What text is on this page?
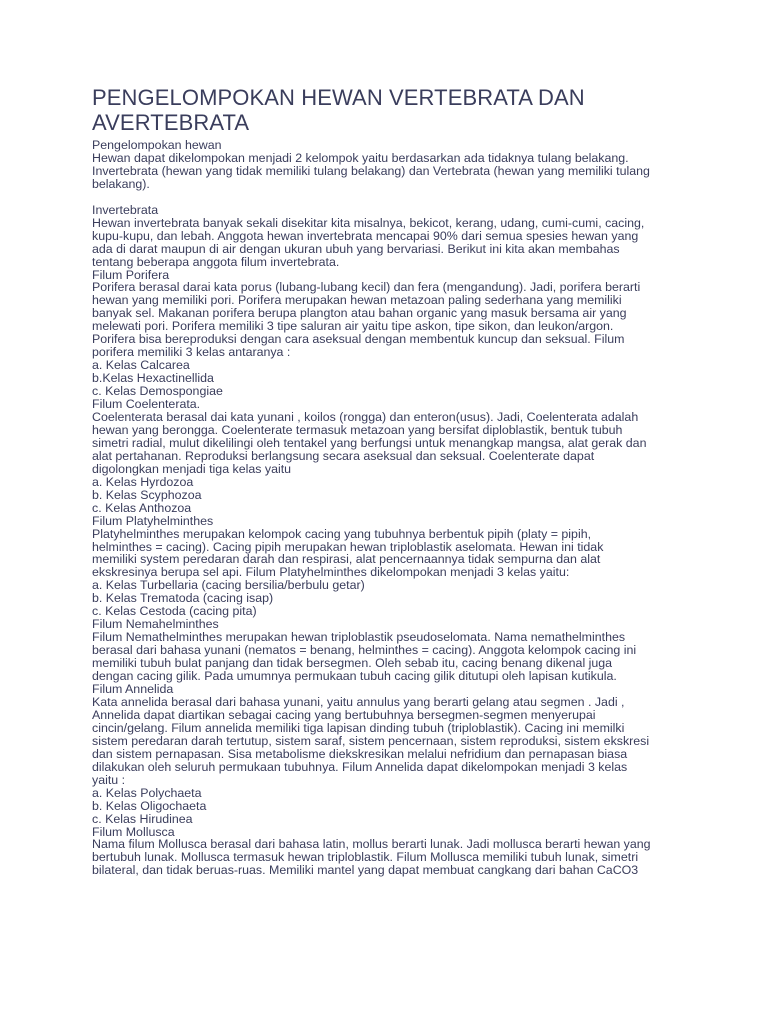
PENGELOMPOKAN HEWAN VERTEBRATA DAN
AVERTEBRATA
Pengelompokan hewan
Hewan dapat dikelompokan menjadi 2 kelompok yaitu berdasarkan ada tidaknya tulang belakang.
Invertebrata (hewan yang tidak memiliki tulang belakang) dan Vertebrata (hewan yang memiliki tulang
belakang).
Invertebrata
Hewan invertebrata banyak sekali disekitar kita misalnya, bekicot, kerang, udang, cumi-cumi, cacing,
kupu-kupu, dan lebah. Anggota hewan invertebrata mencapai 90% dari semua spesies hewan yang
ada di darat maupun di air dengan ukuran ubuh yang bervariasi. Berikut ini kita akan membahas
tentang beberapa anggota filum invertebrata.
Filum Porifera
Porifera berasal darai kata porus (lubang-lubang kecil) dan fera (mengandung). Jadi, porifera berarti
hewan yang memiliki pori. Porifera merupakan hewan metazoan paling sederhana yang memiliki
banyak sel. Makanan porifera berupa plangton atau bahan organic yang masuk bersama air yang
melewati pori. Porifera memiliki 3 tipe saluran air yaitu tipe askon, tipe sikon, dan leukon/argon.
Porifera bisa bereproduksi dengan cara aseksual dengan membentuk kuncup dan seksual. Filum
porifera memiliki 3 kelas antaranya :
a. Kelas Calcarea
b.Kelas Hexactinellida
c. Kelas Demospongiae
Filum Coelenterata.
Coelenterata berasal dai kata yunani , koilos (rongga) dan enteron(usus). Jadi, Coelenterata adalah
hewan yang berongga. Coelenterate termasuk metazoan yang bersifat diploblastik, bentuk tubuh
simetri radial, mulut dikelilingi oleh tentakel yang berfungsi untuk menangkap mangsa, alat gerak dan
alat pertahanan. Reproduksi berlangsung secara aseksual dan seksual. Coelenterate dapat
digolongkan menjadi tiga kelas yaitu
a. Kelas Hyrdozoa
b. Kelas Scyphozoa
c. Kelas Anthozoa
Filum Platyhelminthes
Platyhelminthes merupakan kelompok cacing yang tubuhnya berbentuk pipih (platy = pipih,
helminthes = cacing). Cacing pipih merupakan hewan triploblastik aselomata. Hewan ini tidak
memiliki system peredaran darah dan respirasi, alat pencernaannya tidak sempurna dan alat
ekskresinya berupa sel api. Filum Platyhelminthes dikelompokan menjadi 3 kelas yaitu:
a. Kelas Turbellaria (cacing bersilia/berbulu getar)
b. Kelas Trematoda (cacing isap)
c. Kelas Cestoda (cacing pita)
Filum Nemahelminthes
Filum Nemathelminthes merupakan hewan triploblastik pseudoselomata. Nama nemathelminthes
berasal dari bahasa yunani (nematos = benang, helminthes = cacing). Anggota kelompok cacing ini
memiliki tubuh bulat panjang dan tidak bersegmen. Oleh sebab itu, cacing benang dikenal juga
dengan cacing gilik. Pada umumnya permukaan tubuh cacing gilik ditutupi oleh lapisan kutikula.
Filum Annelida
Kata annelida berasal dari bahasa yunani, yaitu annulus yang berarti gelang atau segmen . Jadi ,
Annelida dapat diartikan sebagai cacing yang bertubuhnya bersegmen-segmen menyerupai
cincin/gelang. Filum annelida memiliki tiga lapisan dinding tubuh (triploblastik). Cacing ini memilki
sistem peredaran darah tertutup, sistem saraf, sistem pencernaan, sistem reproduksi, sistem ekskresi
dan sistem pernapasan. Sisa metabolisme diekskresikan melalui nefridium dan pernapasan biasa
dilakukan oleh seluruh permukaan tubuhnya. Filum Annelida dapat dikelompokan menjadi 3 kelas
yaitu :
a. Kelas Polychaeta
b. Kelas Oligochaeta
c. Kelas Hirudinea
Filum Mollusca
Nama filum Mollusca berasal dari bahasa latin, mollus berarti lunak. Jadi mollusca berarti hewan yang
bertubuh lunak. Mollusca termasuk hewan triploblastik. Filum Mollusca memiliki tubuh lunak, simetri
bilateral, dan tidak beruas-ruas. Memiliki mantel yang dapat membuat cangkang dari bahan CaCO3
